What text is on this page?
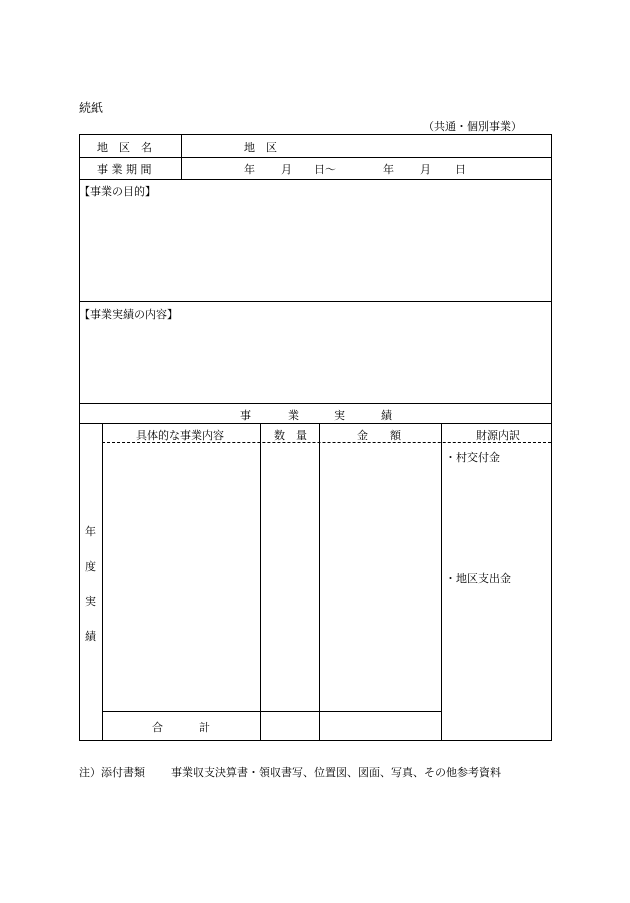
続紙
（共通・個別事業）
地　区　名	地　区
事 業 期 間	年 月 日〜	年 月 日
【事業の目的】
【事業実績の内容】
事	業	実	績
具体的な事業内容	数　量	金　　額	財源内訳
年
度
実
績
・村交付金
・地区支出金
合	計
注）添付書類 事業収支決算書・領収書写、位置図、図面、写真、その他参考資料
